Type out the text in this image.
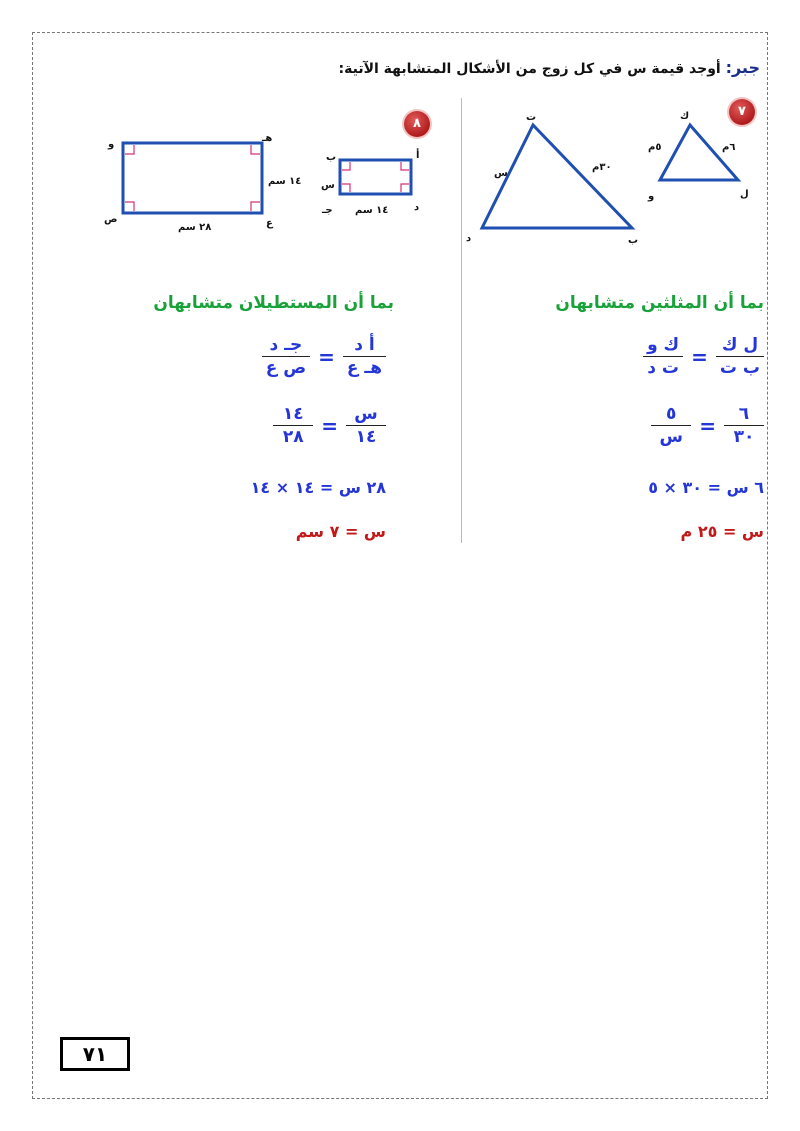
جبر: أوجد قيمة س في كل زوج من الأشكال المتشابهة الآتية:
٧
ت
د	ب
س
٣٠م
ك
و	ل
٥م	٦م
و
هـ
ص	ع
١٤ سم
٢٨ سم
ب	أ
جـ	د
س
١٤ سم
٨
بما أن المثلثين متشابهان
$\frac{\text{ل ك}}{\text{ب ت}}$
=
$\frac{\text{ك و}}{\text{ت د}}$
$\frac{٦}{٣٠}$
=
$\frac{٥}{\text{س}}$
٦ س = ٣٠ × ٥
س = ٢٥ م
بما أن المستطيلان متشابهان
$\frac{\text{أ د}}{\text{هـ ع}}$
=
$\frac{\text{جـ د}}{\text{ص ع}}$
$\frac{\text{س}}{١٤}$
=
$\frac{١٤}{٢٨}$
٢٨ س = ١٤ × ١٤
س = ٧ سم
٧١
